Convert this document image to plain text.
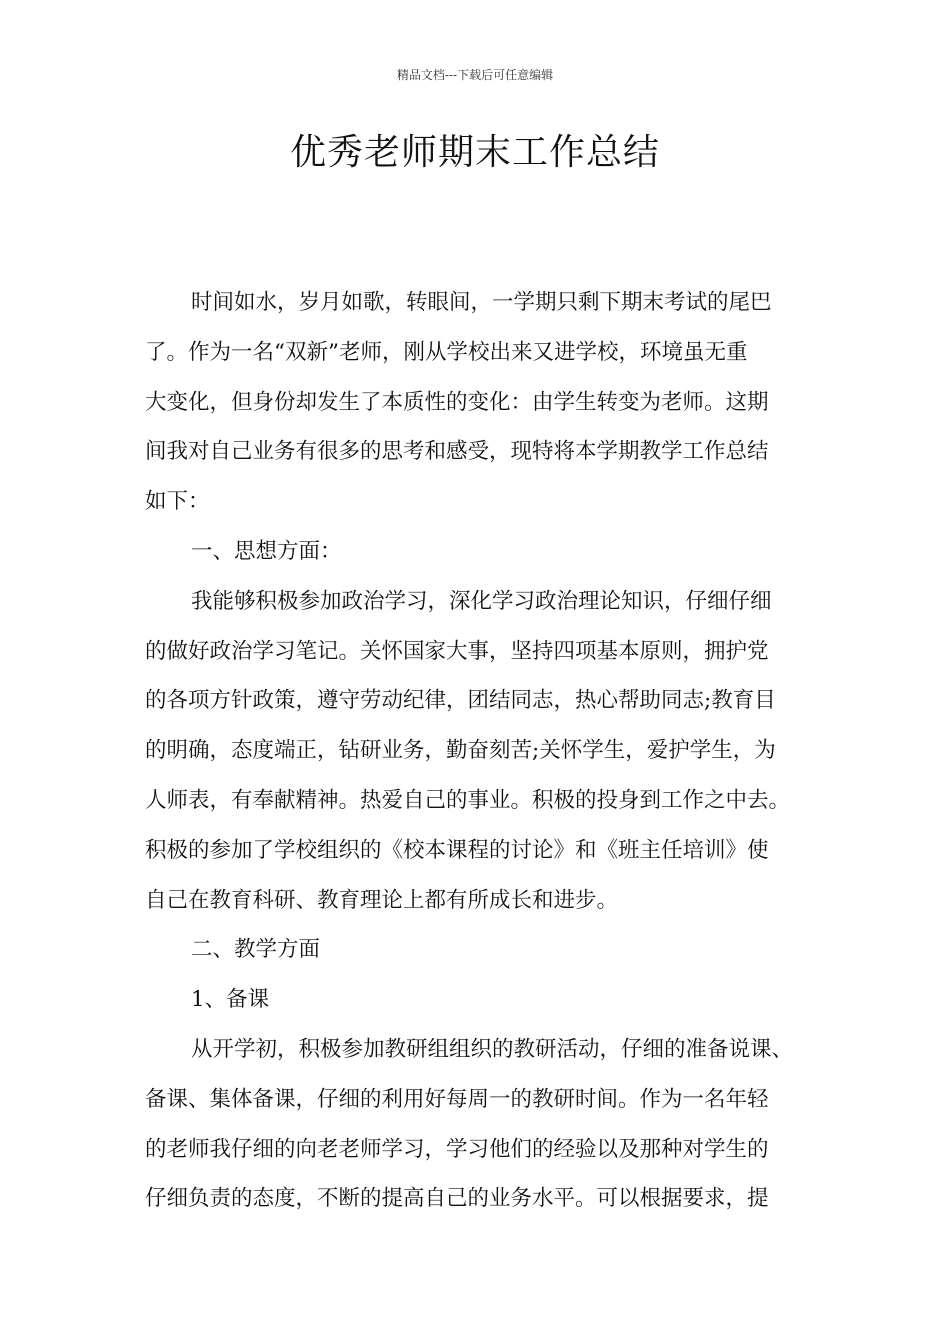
精品文档---下载后可任意编辑
优秀老师期末工作总结
时间如水，岁月如歌，转眼间，一学期只剩下期末考试的尾巴
了。作为一名“双新”老师，刚从学校出来又进学校，环境虽无重
大变化，但身份却发生了本质性的变化：由学生转变为老师。这期
间我对自己业务有很多的思考和感受，现特将本学期教学工作总结
如下：
一、思想方面：
我能够积极参加政治学习，深化学习政治理论知识，仔细仔细
的做好政治学习笔记。关怀国家大事，坚持四项基本原则，拥护党
的各项方针政策，遵守劳动纪律，团结同志，热心帮助同志;教育目
的明确，态度端正，钻研业务，勤奋刻苦;关怀学生，爱护学生，为
人师表，有奉献精神。热爱自己的事业。积极的投身到工作之中去。
积极的参加了学校组织的《校本课程的讨论》和《班主任培训》使
自己在教育科研、教育理论上都有所成长和进步。
二、教学方面
1、备课
从开学初，积极参加教研组组织的教研活动，仔细的准备说课、
备课、集体备课，仔细的利用好每周一的教研时间。作为一名年轻
的老师我仔细的向老老师学习，学习他们的经验以及那种对学生的
仔细负责的态度，不断的提高自己的业务水平。可以根据要求，提
